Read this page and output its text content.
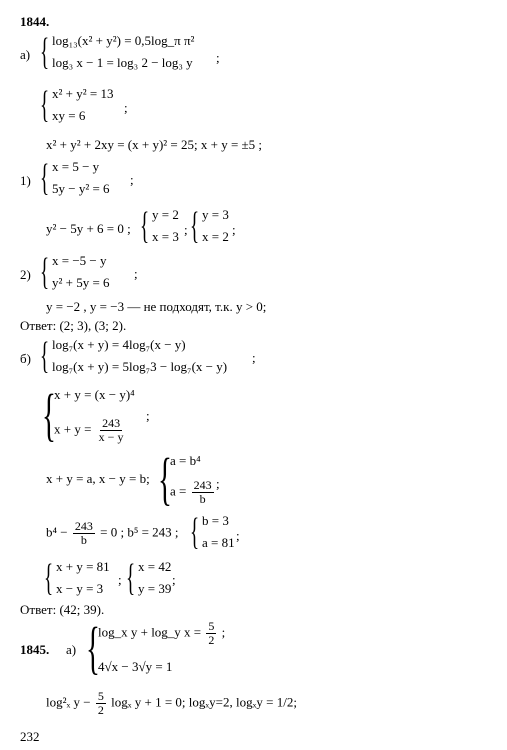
1844.
а) { log₁₃(x² + y²) = 0,5log_π π²
log₃ x − 1 = log₃ 2 − log₃ y ;
{ x² + y² = 13
xy = 6
;
x² + y² + 2xy = (x + y)² = 25; x + y = ±5 ;
1) { x = 5 − y
5y − y² = 6
;
y² − 5y + 6 = 0 ; { y = 2
x = 3 ; { y = 3
x = 2 ;
2) { x = −5 − y
y² + 5y = 6
;
y = −2 , y = −3 — не подходят, т.к. y > 0;
Ответ: (2; 3), (3; 2).
б) { log₇(x + y) = 4log₇(x − y)
log₇(x + y) = 5log₇3 − log₇(x − y)
;
{
x + y = (x − y)⁴
$x + y = \frac{243}{x - y}$
;
x + y = a, x − y = b; {
a = b⁴
$a = \frac{243}{b}$ ;
$b^4 - \frac{243}{b} = 0$ ; b⁵ = 243 ; { b = 3
a = 81 ;
{ x + y = 81
x − y = 3
; { x = 42
y = 39
;
Ответ: (42; 39).
1845. а) {
log_x y + log_y $x = \frac{5}{2}$ ;
4√x − 3√y = 1
log²ₓ $y - \frac{5}{2}$ logₓ y + 1 = 0; logₓy=2, logₓy = 1/2;
232
